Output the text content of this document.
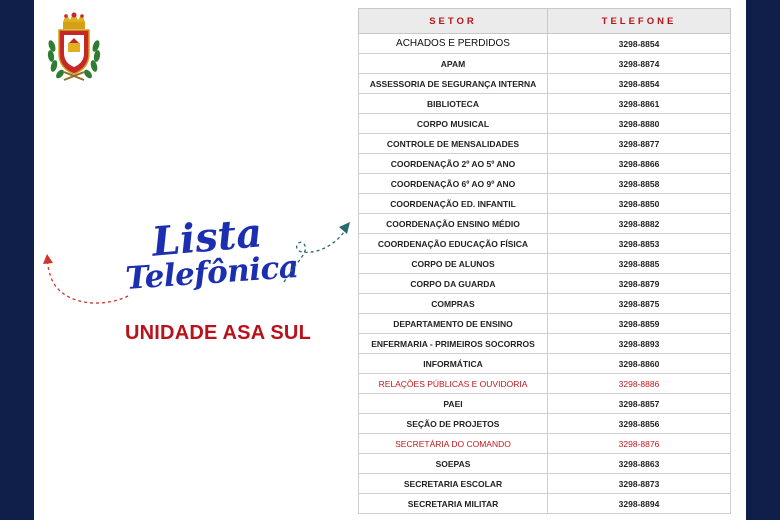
Lista
Telefônica
UNIDADE ASA SUL
SETOR	TELEFONE
ACHADOS E PERDIDOS	3298-8854
APAM	3298-8874
ASSESSORIA DE SEGURANÇA INTERNA	3298-8854
BIBLIOTECA	3298-8861
CORPO MUSICAL	3298-8880
CONTROLE DE MENSALIDADES	3298-8877
COORDENAÇÃO 2º AO 5º ANO	3298-8866
COORDENAÇÃO 6º AO 9º ANO	3298-8858
COORDENAÇÃO ED. INFANTIL	3298-8850
COORDENAÇÃO ENSINO MÉDIO	3298-8882
COORDENAÇÃO EDUCAÇÃO FÍSICA	3298-8853
CORPO DE ALUNOS	3298-8885
CORPO DA GUARDA	3298-8879
COMPRAS	3298-8875
DEPARTAMENTO DE ENSINO	3298-8859
ENFERMARIA - PRIMEIROS SOCORROS	3298-8893
INFORMÁTICA	3298-8860
RELAÇÕES PÚBLICAS E OUVIDORIA	3298-8886
PAEI	3298-8857
SEÇÃO DE PROJETOS	3298-8856
SECRETÁRIA DO COMANDO	3298-8876
SOEPAS	3298-8863
SECRETARIA ESCOLAR	3298-8873
SECRETARIA MILITAR	3298-8894
